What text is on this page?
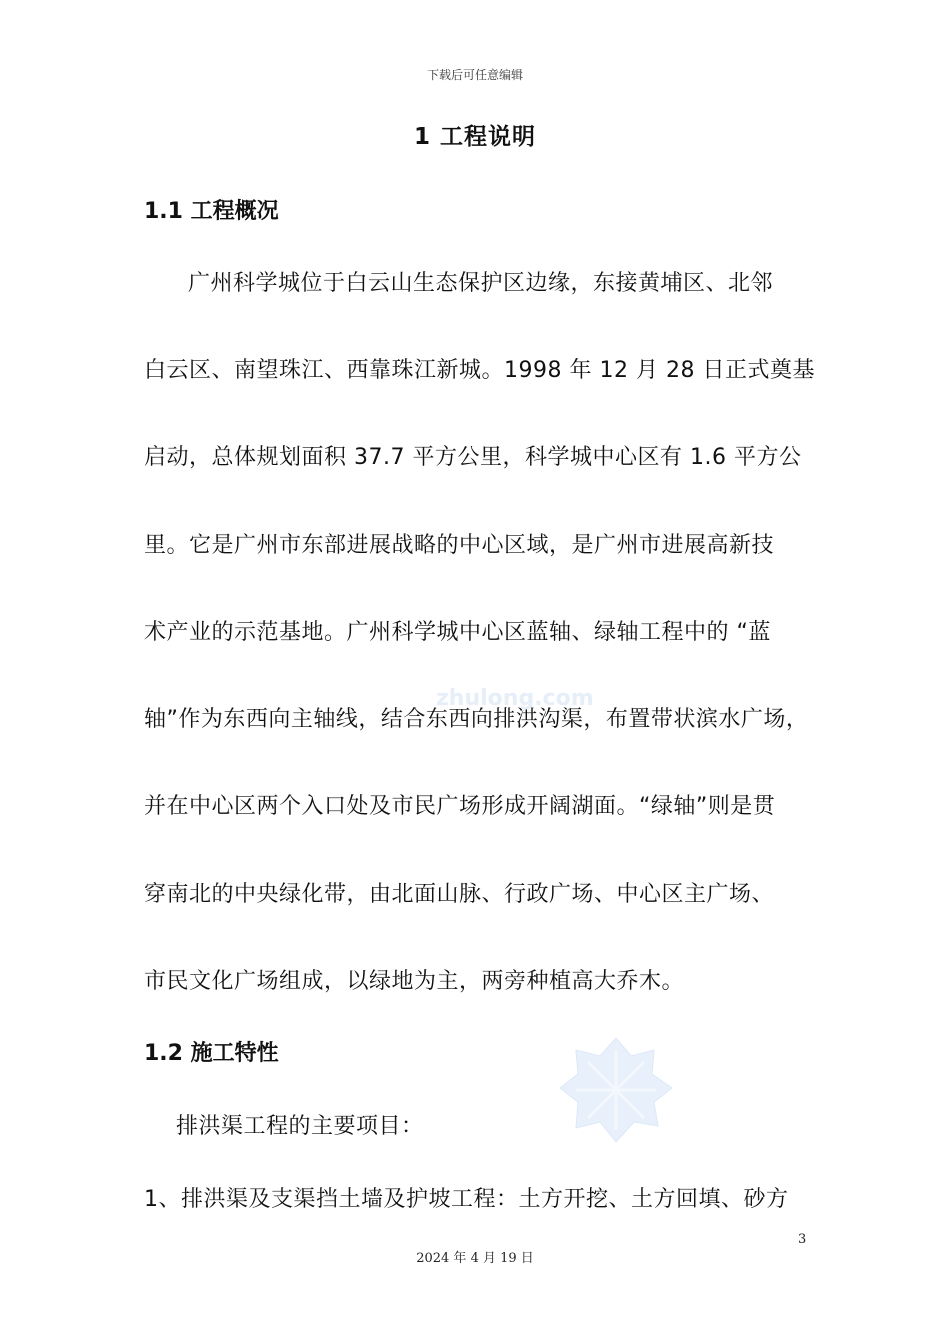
下载后可任意编辑
1 工程说明
1.1 工程概况
广州科学城位于白云山生态保护区边缘，东接黄埔区、北邻
白云区、南望珠江、西靠珠江新城。1998 年 12 月 28 日正式奠基
启动，总体规划面积 37.7 平方公里，科学城中心区有 1.6 平方公
里。它是广州市东部进展战略的中心区域，是广州市进展高新技
术产业的示范基地。广州科学城中心区蓝轴、绿轴工程中的 “蓝
轴”作为东西向主轴线，结合东西向排洪沟渠，布置带状滨水广场，
并在中心区两个入口处及市民广场形成开阔湖面。“绿轴”则是贯
穿南北的中央绿化带，由北面山脉、行政广场、中心区主广场、
市民文化广场组成，以绿地为主，两旁种植高大乔木。
1.2 施工特性
排洪渠工程的主要项目：
1、排洪渠及支渠挡土墙及护坡工程：土方开挖、土方回填、砂方
zhulong.com
3
2024 年 4 月 19 日
